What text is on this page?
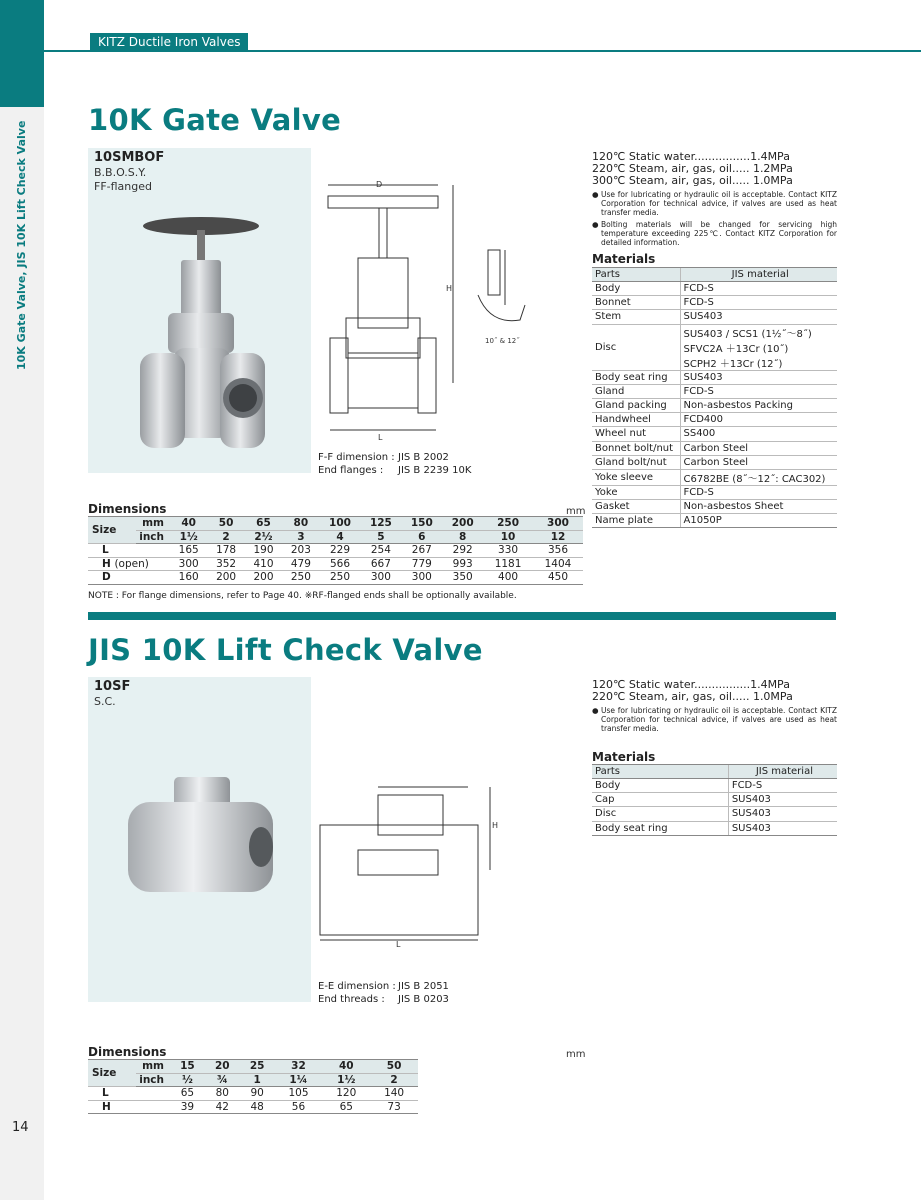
KITZ Ductile Iron Valves
10K Gate Valve, JIS 10K Lift Check Valve
14
10K Gate Valve
10SMBOF
B.B.O.S.Y.
FF-flanged	D
H
L
10˝ & 12˝
F-F dimension : JIS B 2002
End flanges :	JIS B 2239 10K
120℃ Static water................1.4MPa
220℃ Steam, air, gas, oil..... 1.2MPa
300℃ Steam, air, gas, oil..... 1.0MPa
● Use for lubricating or hydraulic oil is acceptable. Contact KITZ Corporation for technical advice, if valves are used as heat transfer media.
● Bolting materials will be changed for servicing high temperature exceeding 225℃. Contact KITZ Corporation for detailed information.
Materials
Parts	JIS material
Body	FCD-S

Bonnet	FCD-S

Stem	SUS403

Disc	SUS403 / SCS1 (1½˝～8˝)
SFVC2A ＋13Cr (10˝)
SCPH2 ＋13Cr (12˝)

Body seat ring	SUS403

Gland	FCD-S

Gland packing	Non-asbestos Packing

Handwheel	FCD400

Wheel nut	SS400

Bonnet bolt/nut	Carbon Steel

Gland bolt/nut	Carbon Steel

Yoke sleeve	C6782BE (8˝～12˝: CAC302)

Yoke	FCD-S

Gasket	Non-asbestos Sheet

Name plate	A1050P
Dimensions	mm
Size	mm	40	50	65	80	100	125	150	200	250	300
	inch	1½	2	2½	3	4	5	6	8	10	12
L		165	178	190	203	229	254	267	292	330	356
H (open)		300	352	410	479	566	667	779	993	1181	1404
D		160	200	200	250	250	300	300	350	400	450
NOTE : For flange dimensions, refer to Page 40. ※RF-flanged ends shall be optionally available.
JIS 10K Lift Check Valve
10SF
S.C.
H
L
E-E dimension : JIS B 2051
End threads :	JIS B 0203
120℃ Static water................1.4MPa
220℃ Steam, air, gas, oil..... 1.0MPa
● Use for lubricating or hydraulic oil is acceptable. Contact KITZ Corporation for technical advice, if valves are used as heat transfer media.
Materials
Parts	JIS material
Body	FCD-S

Cap	SUS403

Disc	SUS403

Body seat ring	SUS403
Dimensions	mm
Size	mm	15	20	25	32	40	50
	inch	½	¾	1	1¼	1½	2
L		65	80	90	105	120	140
H		39	42	48	56	65	73
